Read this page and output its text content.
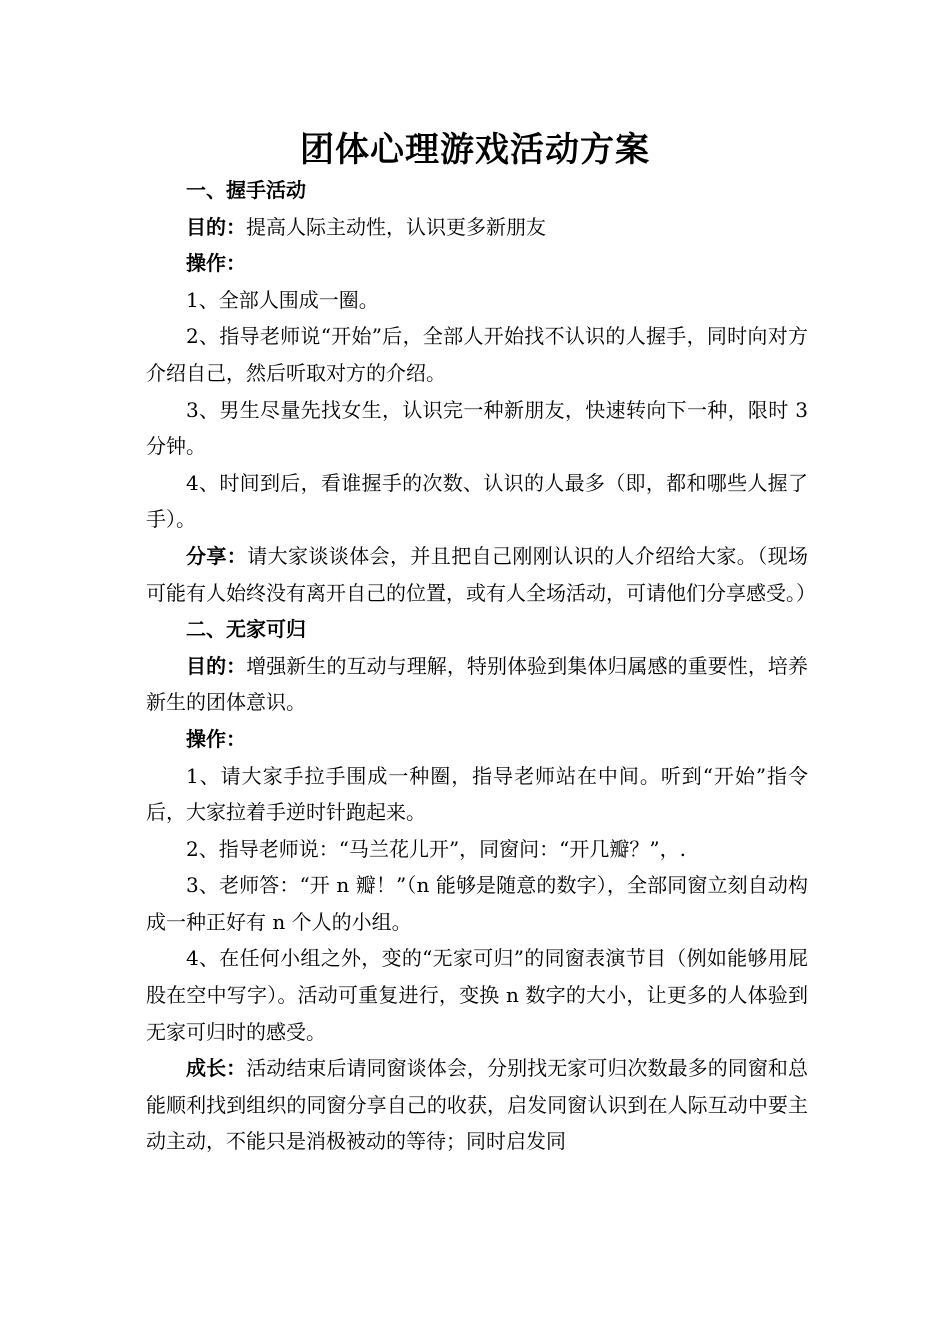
团体心理游戏活动方案

一、握手活动

目的：提高人际主动性，认识更多新朋友

操作：

1、全部人围成一圈。

2、指导老师说“开始”后，全部人开始找不认识的人握手，同时向对方介绍自己，然后听取对方的介绍。

3、男生尽量先找女生，认识完一种新朋友，快速转向下一种，限时 3 分钟。

4、时间到后，看谁握手的次数、认识的人最多（即，都和哪些人握了手）。

分享：请大家谈谈体会，并且把自己刚刚认识的人介绍给大家。（现场可能有人始终没有离开自己的位置，或有人全场活动，可请他们分享感受。）

二、无家可归

目的：增强新生的互动与理解，特别体验到集体归属感的重要性，培养新生的团体意识。

操作：

1、请大家手拉手围成一种圈，指导老师站在中间。听到“开始”指令后，大家拉着手逆时针跑起来。

2、指导老师说：“马兰花儿开”，同窗问：“开几瓣？”，.

3、老师答：“开 n 瓣！”（n 能够是随意的数字），全部同窗立刻自动构成一种正好有 n 个人的小组。

4、在任何小组之外，变的“无家可归”的同窗表演节目（例如能够用屁股在空中写字）。活动可重复进行，变换 n 数字的大小，让更多的人体验到无家可归时的感受。

成长：活动结束后请同窗谈体会，分别找无家可归次数最多的同窗和总能顺利找到组织的同窗分享自己的收获，启发同窗认识到在人际互动中要主动主动，不能只是消极被动的等待；同时启发同
